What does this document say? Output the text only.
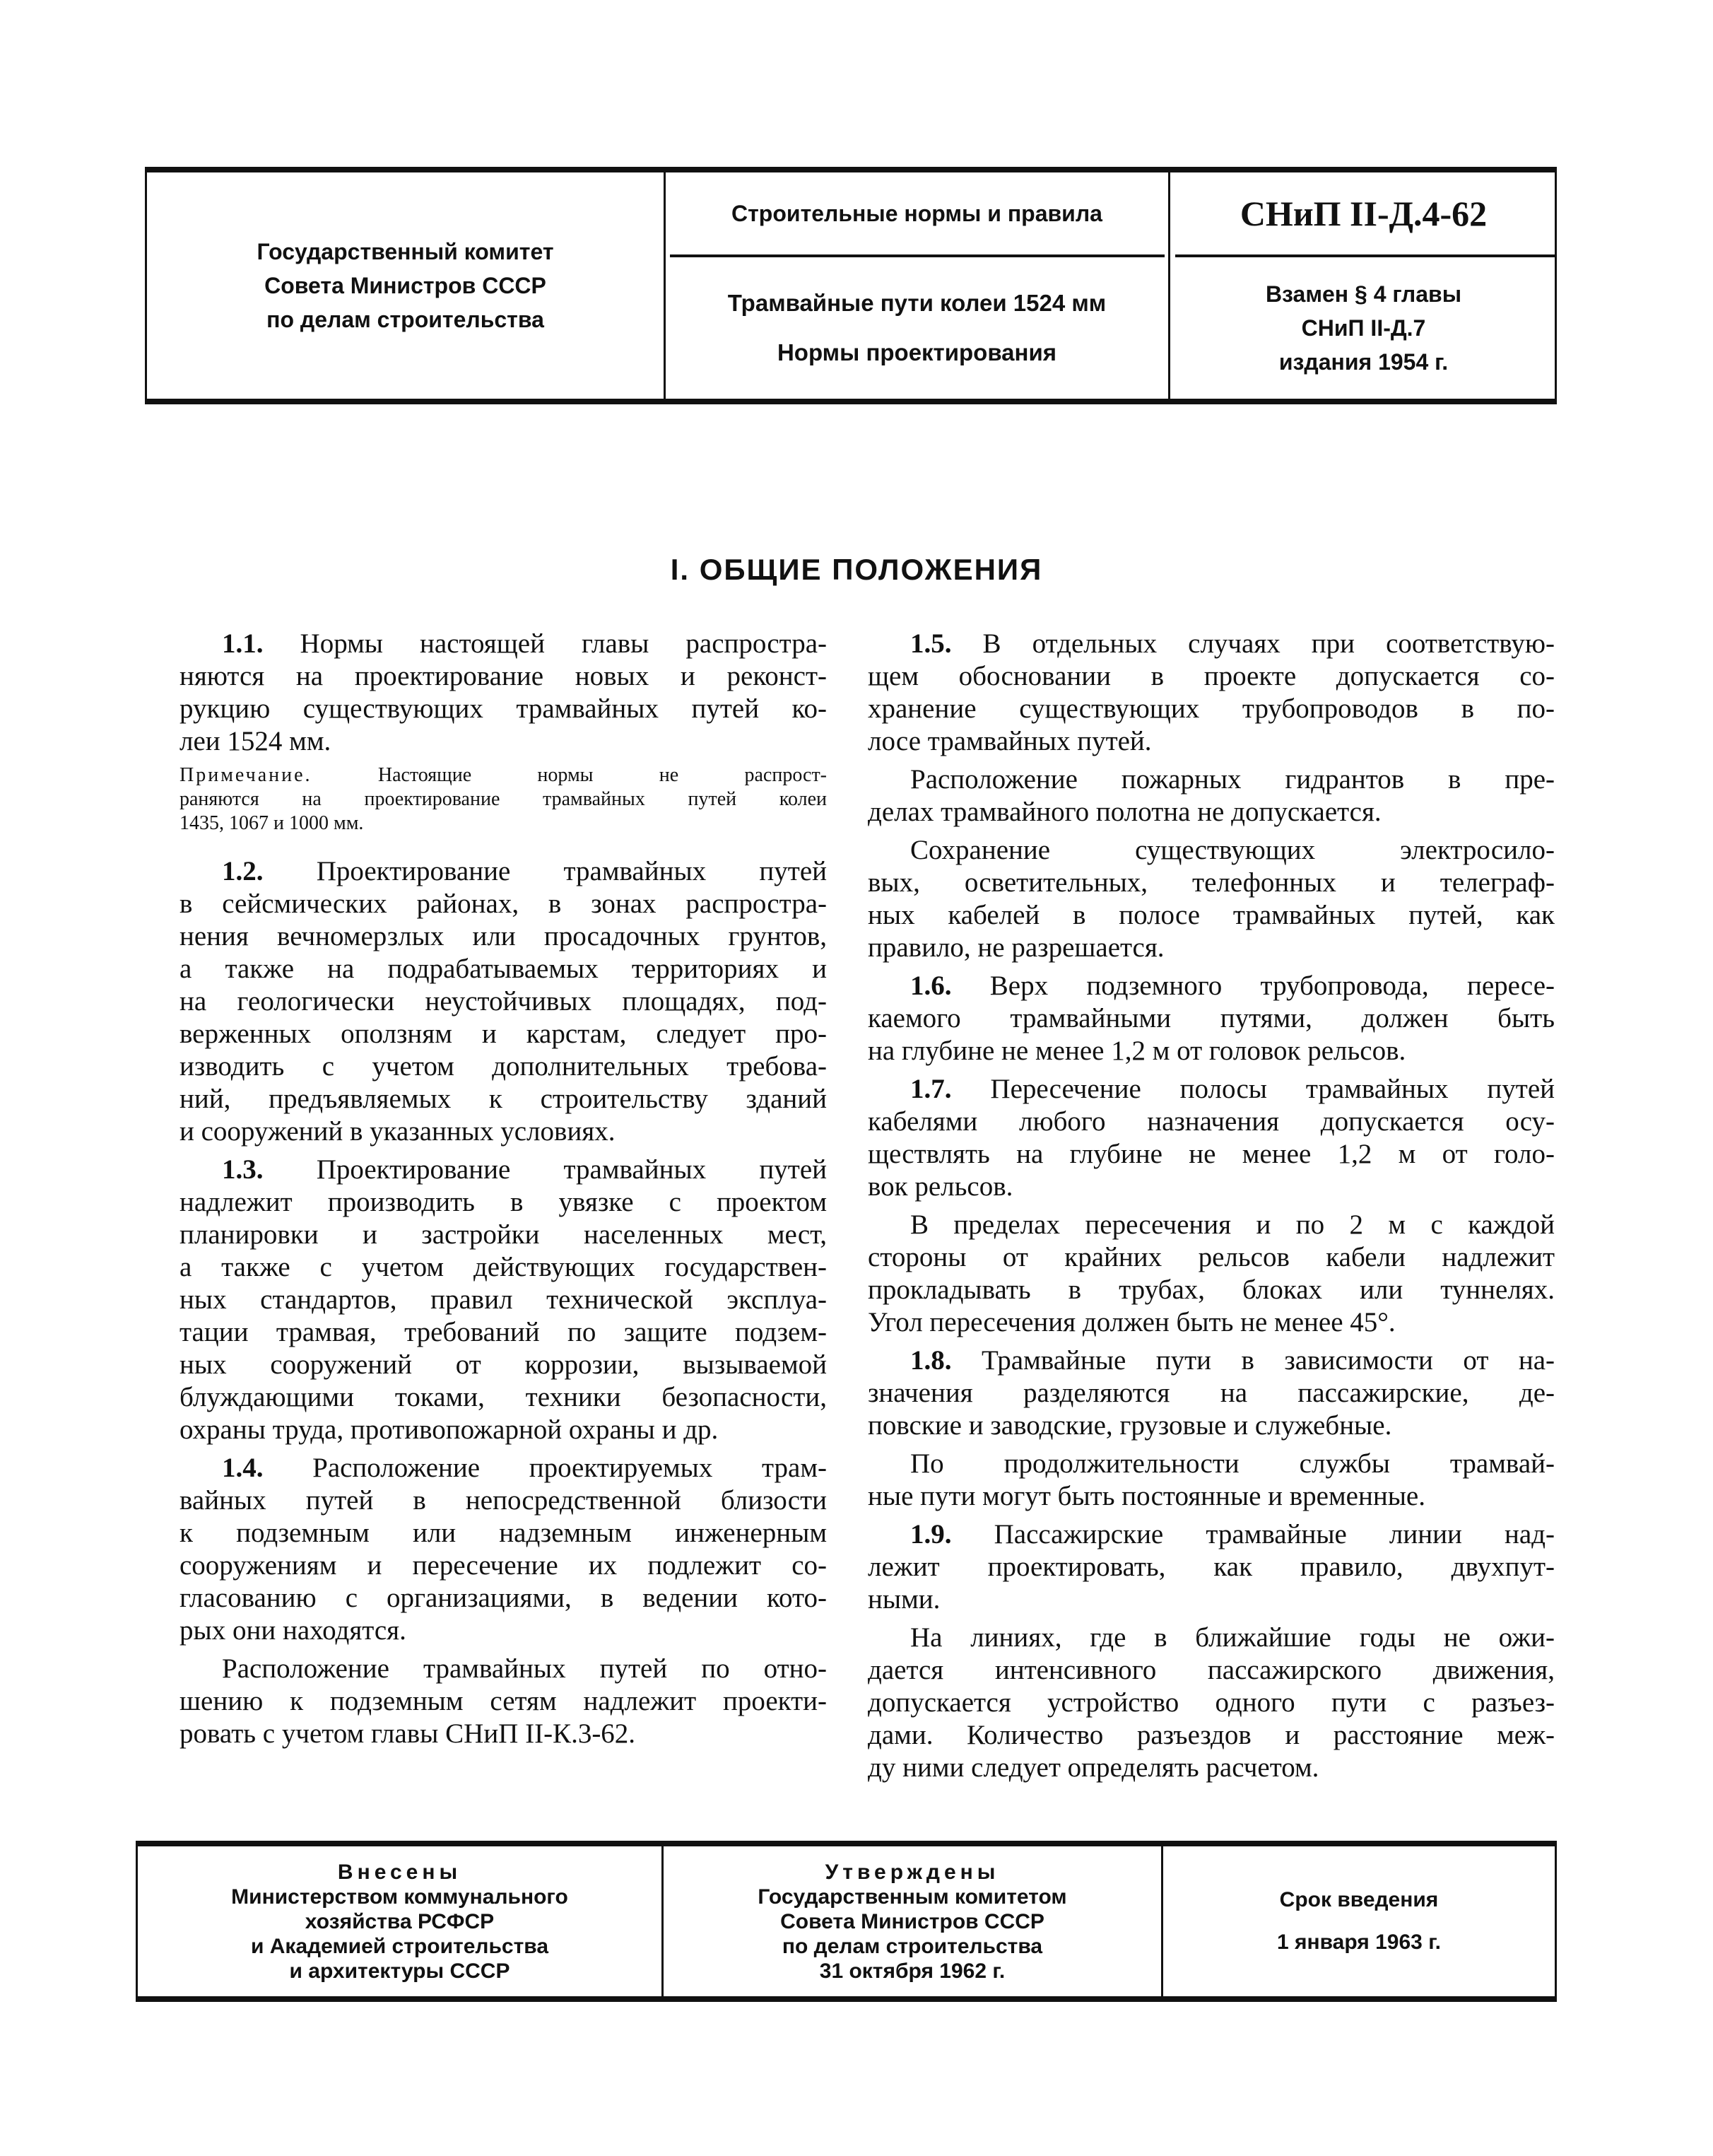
Государственный комитет
Совета Министров СССР
по делам строительства
Строительные нормы и правила
Трамвайные пути колеи 1524 мм
Нормы проектирования
СНиП II-Д.4-62
Взамен § 4 главы
СНиП II-Д.7
издания 1954 г.
I. ОБЩИЕ ПОЛОЖЕНИЯ
1.1. Нормы настоящей главы распростра-
няются на проектирование новых и реконст-
рукцию существующих трамвайных путей ко-
леи 1524 мм.
Примечание.	Настоящие нормы не распрост-
раняются на проектирование трамвайных путей колеи
1435, 1067 и 1000 мм.
1.2. Проектирование трамвайных путей
в сейсмических районах, в зонах распростра-
нения вечномерзлых или просадочных грунтов,
а также на подрабатываемых территориях и
на геологически неустойчивых площадях, под-
верженных оползням и карстам, следует про-
изводить с учетом дополнительных требова-
ний, предъявляемых к строительству зданий
и сооружений в указанных условиях.
1.3. Проектирование трамвайных путей
надлежит производить в увязке с проектом
планировки и застройки населенных мест,
а также с учетом действующих государствен-
ных стандартов, правил технической эксплуа-
тации трамвая, требований по защите подзем-
ных сооружений от коррозии, вызываемой
блуждающими токами, техники безопасности,
охраны труда, противопожарной охраны и др.
1.4. Расположение проектируемых трам-
вайных путей в непосредственной близости
к подземным или надземным инженерным
сооружениям и пересечение их подлежит со-
гласованию с организациями, в ведении кото-
рых они находятся.
Расположение трамвайных путей по отно-
шению к подземным сетям надлежит проекти-
ровать с учетом главы СНиП II-К.3-62.
1.5. В отдельных случаях при соответствую-
щем обосновании в проекте допускается со-
хранение существующих трубопроводов в по-
лосе трамвайных путей.
Расположение пожарных гидрантов в пре-
делах трамвайного полотна не допускается.
Сохранение существующих электросило-
вых, осветительных, телефонных и телеграф-
ных кабелей в полосе трамвайных путей, как
правило, не разрешается.
1.6. Верх подземного трубопровода, пересе-
каемого трамвайными путями, должен быть
на глубине не менее 1,2 м от головок рельсов.
1.7. Пересечение полосы трамвайных путей
кабелями любого назначения допускается осу-
ществлять на глубине не менее 1,2 м от голо-
вок рельсов.
В пределах пересечения и по 2 м с каждой
стороны от крайних рельсов кабели надлежит
прокладывать в трубах, блоках или туннелях.
Угол пересечения должен быть не менее 45°.
1.8. Трамвайные пути в зависимости от на-
значения разделяются на пассажирские, де-
повские и заводские, грузовые и служебные.
По продолжительности службы трамвай-
ные пути могут быть постоянные и временные.
1.9. Пассажирские трамвайные линии над-
лежит проектировать, как правило, двухпут-
ными.
На линиях, где в ближайшие годы не ожи-
дается интенсивного пассажирского движения,
допускается устройство одного пути с разъез-
дами. Количество разъездов и расстояние меж-
ду ними следует определять расчетом.
Внесены
Министерством коммунального
хозяйства РСФСР
и Академией строительства
и архитектуры СССР
Утверждены
Государственным комитетом
Совета Министров СССР
по делам строительства
31 октября 1962 г.
Срок введения
1 января 1963 г.
